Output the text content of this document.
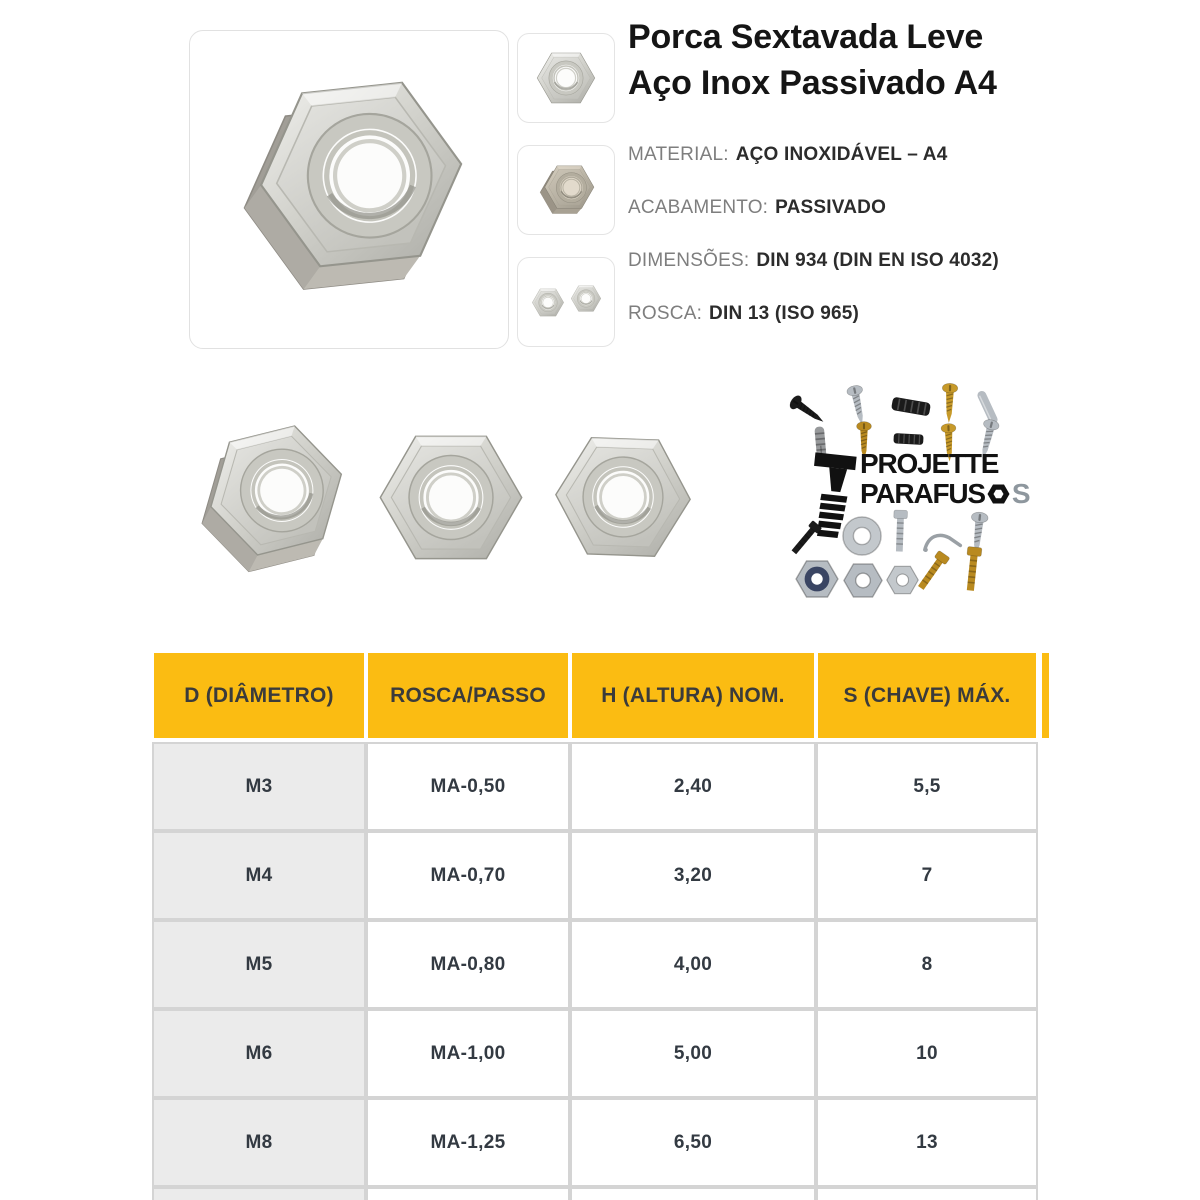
Porca Sextavada Leve
Aço Inox Passivado A4
MATERIAL: AÇO INOXIDÁVEL – A4
ACABAMENTO: PASSIVADO
DIMENSÕES: DIN 934 (DIN EN ISO 4032)
ROSCA: DIN 13 (ISO 965)
PROJETTE
PARAFUS S
D (DIÂMETRO)	ROSCA/PASSO	H (ALTURA) NOM.	S (CHAVE) MÁX.
M3	MA-0,50	2,40	5,5
M4	MA-0,70	3,20	7
M5	MA-0,80	4,00	8
M6	MA-1,00	5,00	10
M8	MA-1,25	6,50	13
